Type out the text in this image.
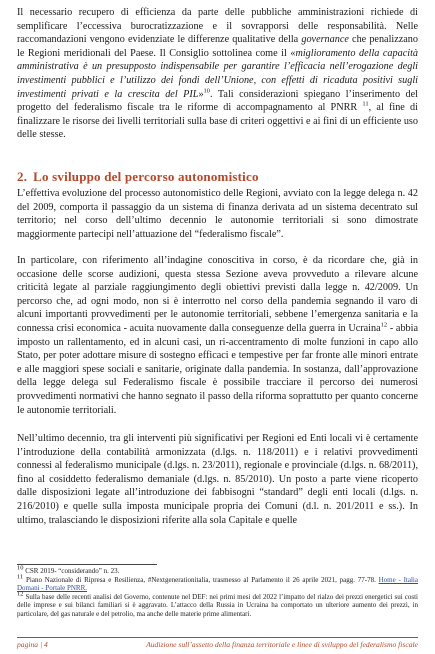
Il necessario recupero di efficienza da parte delle pubbliche amministrazioni richiede di semplificare l’eccessiva burocratizzazione e il sovrapporsi delle responsabilità. Nelle raccomandazioni vengono evidenziate le differenze qualitative della governance che penalizzano le Regioni meridionali del Paese. Il Consiglio sottolinea come il «miglioramento della capacità amministrativa è un presupposto indispensabile per garantire l’efficacia nell’erogazione degli investimenti pubblici e l’utilizzo dei fondi dell’Unione, con effetti di ricaduta positivi sugli investimenti privati e la crescita del PIL»$^{10}$. Tali considerazioni spiegano l’inserimento del progetto del federalismo fiscale tra le riforme di accompagnamento al PNRR $^{11}$, al fine di finalizzare le risorse dei livelli territoriali sulla base di criteri oggettivi e ai fini di un efficiente uso delle stesse.

2. Lo sviluppo del percorso autonomistico

L’effettiva evoluzione del processo autonomistico delle Regioni, avviato con la legge delega n. 42 del 2009, comporta il passaggio da un sistema di finanza derivata ad un sistema decentrato sul territorio; nel corso dell’ultimo decennio le autonomie territoriali si sono dimostrate maggiormente partecipi nell’attuazione del “federalismo fiscale”.

In particolare, con riferimento all’indagine conoscitiva in corso, è da ricordare che, già in occasione delle scorse audizioni, questa stessa Sezione aveva provveduto a rilevare alcune criticità legate al parziale raggiungimento degli obiettivi previsti dalla legge n. 42/2009. Un percorso che, ad ogni modo, non si è interrotto nel corso della pandemia segnando il varo di alcuni importanti provvedimenti per le autonomie territoriali, sebbene l’emergenza sanitaria e la connessa crisi economica - acuita nuovamente dalla conseguenze della guerra in Ucraina$^{12}$ - abbia imposto un rallentamento, ed in alcuni casi, un ri-accentramento di molte funzioni in capo allo Stato, per poter adottare misure di sostegno efficaci e tempestive per far fronte alle minori entrate e alle maggiori spese sociali e sanitarie, originate dalla pandemia. In sostanza, dall’approvazione della legge delega sul Federalismo fiscale è possibile tracciare il percorso dei numerosi provvedimenti normativi che hanno segnato il passo della riforma soprattutto per quanto concerne le autonomie territoriali.

Nell’ultimo decennio, tra gli interventi più significativi per Regioni ed Enti locali vi è certamente l’introduzione della contabilità armonizzata (d.lgs. n. 118/2011) e i relativi provvedimenti connessi al federalismo municipale (d.lgs. n. 23/2011), regionale e provinciale (d.lgs. n. 68/2011), fino al cosiddetto federalismo demaniale (d.lgs. n. 85/2010). Un posto a parte viene ricoperto dalle disposizioni legate all’introduzione dei fabbisogni “standard” degli enti locali (d.lgs. n. 216/2010) e quelle sulla imposta municipale propria dei Comuni (d.l. n. 201/2011 e ss.). In ultimo, tralasciando le disposizioni riferite alla sola Capitale e quelle

$^{10}$ CSR 2019- “considerando” n. 23.

$^{11}$ Piano Nazionale di Ripresa e Resilienza, #Nextgenerationitalia, trasmesso al Parlamento il 26 aprile 2021, pagg. 77-78. Home - Italia Domani - Portale PNRR.

$^{12}$ Sulla base delle recenti analisi del Governo, contenute nel DEF: nei primi mesi del 2022 l’impatto del rialzo dei prezzi energetici sui costi delle imprese e sui bilanci familiari si è aggravato. L’attacco della Russia in Ucraina ha comportato un ulteriore aumento dei prezzi, in particolare, del gas naturale e del petrolio, ma anche delle materie prime alimentari.

pagina | 4	Audizione sull’assetto della finanza territoriale e linee di sviluppo del federalismo fiscale
